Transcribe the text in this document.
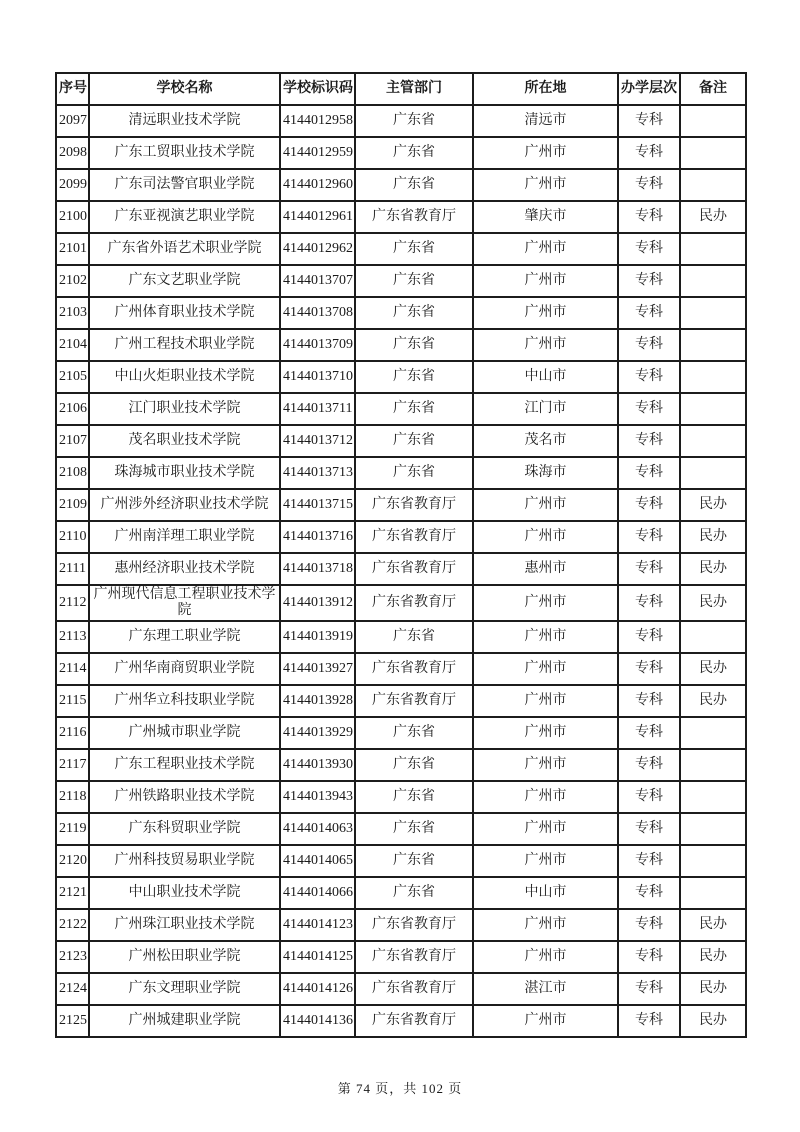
序号	学校名称	学校标识码	主管部门	所在地	办学层次	备注
2097	清远职业技术学院	4144012958	广东省	清远市	专科	
2098	广东工贸职业技术学院	4144012959	广东省	广州市	专科	
2099	广东司法警官职业学院	4144012960	广东省	广州市	专科	
2100	广东亚视演艺职业学院	4144012961	广东省教育厅	肇庆市	专科	民办
2101	广东省外语艺术职业学院	4144012962	广东省	广州市	专科	
2102	广东文艺职业学院	4144013707	广东省	广州市	专科	
2103	广州体育职业技术学院	4144013708	广东省	广州市	专科	
2104	广州工程技术职业学院	4144013709	广东省	广州市	专科	
2105	中山火炬职业技术学院	4144013710	广东省	中山市	专科	
2106	江门职业技术学院	4144013711	广东省	江门市	专科	
2107	茂名职业技术学院	4144013712	广东省	茂名市	专科	
2108	珠海城市职业技术学院	4144013713	广东省	珠海市	专科	
2109	广州涉外经济职业技术学院	4144013715	广东省教育厅	广州市	专科	民办
2110	广州南洋理工职业学院	4144013716	广东省教育厅	广州市	专科	民办
2111	惠州经济职业技术学院	4144013718	广东省教育厅	惠州市	专科	民办
2112	广州现代信息工程职业技术学院	4144013912	广东省教育厅	广州市	专科	民办
2113	广东理工职业学院	4144013919	广东省	广州市	专科	
2114	广州华南商贸职业学院	4144013927	广东省教育厅	广州市	专科	民办
2115	广州华立科技职业学院	4144013928	广东省教育厅	广州市	专科	民办
2116	广州城市职业学院	4144013929	广东省	广州市	专科	
2117	广东工程职业技术学院	4144013930	广东省	广州市	专科	
2118	广州铁路职业技术学院	4144013943	广东省	广州市	专科	
2119	广东科贸职业学院	4144014063	广东省	广州市	专科	
2120	广州科技贸易职业学院	4144014065	广东省	广州市	专科	
2121	中山职业技术学院	4144014066	广东省	中山市	专科	
2122	广州珠江职业技术学院	4144014123	广东省教育厅	广州市	专科	民办
2123	广州松田职业学院	4144014125	广东省教育厅	广州市	专科	民办
2124	广东文理职业学院	4144014126	广东省教育厅	湛江市	专科	民办
2125	广州城建职业学院	4144014136	广东省教育厅	广州市	专科	民办
第 74 页，共 102 页
